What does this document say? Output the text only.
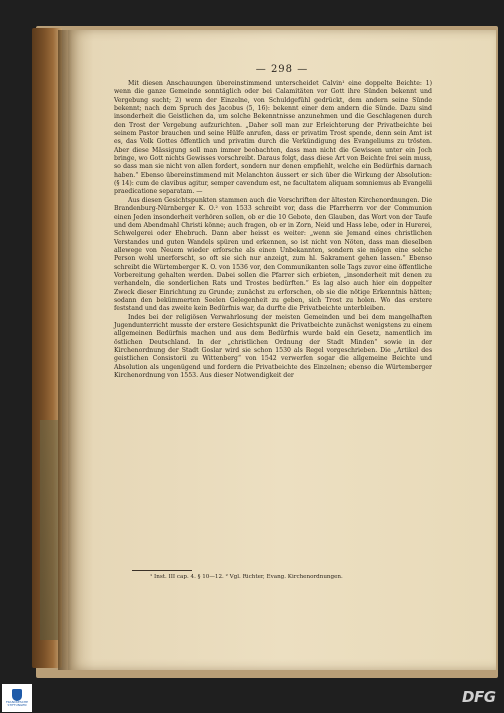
— 298 —

Mit diesen Anschauungen übereinstimmend unterscheidet Calvin¹ eine doppelte Beichte: 1) wenn die ganze Gemeinde sonntäglich oder bei Calamitäten vor Gott ihre Sünden bekennt und Vergebung sucht; 2) wenn der Einzelne, von Schuldgefühl gedrückt, dem andern seine Sünde bekennt; nach dem Spruch des Jacobus (5, 16): bekennt einer dem andern die Sünde. Dazu sind insonderheit die Geistlichen da, um solche Bekenntnisse anzunehmen und die Geschlagenen durch den Trost der Vergebung aufzurichten. „Daher soll man zur Erleichterung der Privatbeichte bei seinem Pastor brauchen und seine Hülfe anrufen, dass er privatim Trost spende, denn sein Amt ist es, das Volk Gottes öffentlich und privatim durch die Verkündigung des Evangeliums zu trösten. Aber diese Mässigung soll man immer beobachten, dass man nicht die Gewissen unter ein Joch bringe, wo Gott nichts Gewisses vorschreibt. Daraus folgt, dass diese Art von Beichte frei sein muss, so dass man sie nicht von allen fordert, sondern nur denen empfiehlt, welche ein Bedürfnis darnach haben.“ Ebenso übereinstimmend mit Melanchton äussert er sich über die Wirkung der Absolution: (§ 14): cum de clavibus agitur, semper cavendum est, ne facultatem aliquam somniemus ab Evangelii praedicatione separatam. —

Aus diesen Gesichtspunkten stammen auch die Vorschriften der ältesten Kirchenordnungen. Die Brandenburg-Nürnberger K. O.² von 1533 schreibt vor, dass die Pfarrherrn vor der Communion einen Jeden insonderheit verhören sollen, ob er die 10 Gebote, den Glauben, das Wort von der Taufe und dem Abendmahl Christi könne; auch fragen, ob er in Zorn, Neid und Hass lebe, oder in Hurerei, Schwelgerei oder Ehebruch. Dann aber heisst es weiter: „wenn sie Jemand eines christlichen Verstandes und guten Wandels spüren und erkennen, so ist nicht von Nöten, dass man dieselben allewege von Neuem wieder erforsche als einen Unbekannten, sondern sie mögen eine solche Person wohl unerforscht, so oft sie sich nur anzeigt, zum hl. Sakrament gehen lassen.“ Ebenso schreibt die Würtemberger K. O. von 1536 vor, den Communikanten solle Tags zuvor eine öffentliche Vorbereitung gehalten werden. Dabei sollen die Pfarrer sich erbieten, „insonderheit mit denen zu verhandeln, die sonderlichen Rats und Trostes bedürften.“ Es lag also auch hier ein doppelter Zweck dieser Einrichtung zu Grunde; zunächst zu erforschen, ob sie die nötige Erkenntnis hätten; sodann den bekümmerten Seelen Gelegenheit zu geben, sich Trost zu holen. Wo das erstere feststand und das zweite kein Bedürfnis war, da durfte die Privatbeichte unterbleiben.

Indes bei der religiösen Verwahrlosung der meisten Gemeinden und bei dem mangelhaften Jugendunterricht musste der erstere Gesichtspunkt die Privatbeichte zunächst wenigstens zu einem allgemeinen Bedürfnis machen und aus dem Bedürfnis wurde bald ein Gesetz, namentlich im östlichen Deutschland. In der „christlichen Ordnung der Stadt Minden“ sowie in der Kirchenordnung der Stadt Goslar wird sie schon 1530 als Regel vorgeschrieben. Die „Artikel des geistlichen Consistorii zu Wittenberg“ von 1542 verwerfen sogar die allgemeine Beichte und Absolution als ungenügend und fordern die Privatbeichte des Einzelnen; ebenso die Würtemberger Kirchenordnung von 1553. Aus dieser Notwendigkeit der

¹ Inst. III cap. 4. § 10—12. ² Vgl. Richter, Evang. Kirchenordnungen.
FRANCKESCHE STIFTUNGEN	DFG
